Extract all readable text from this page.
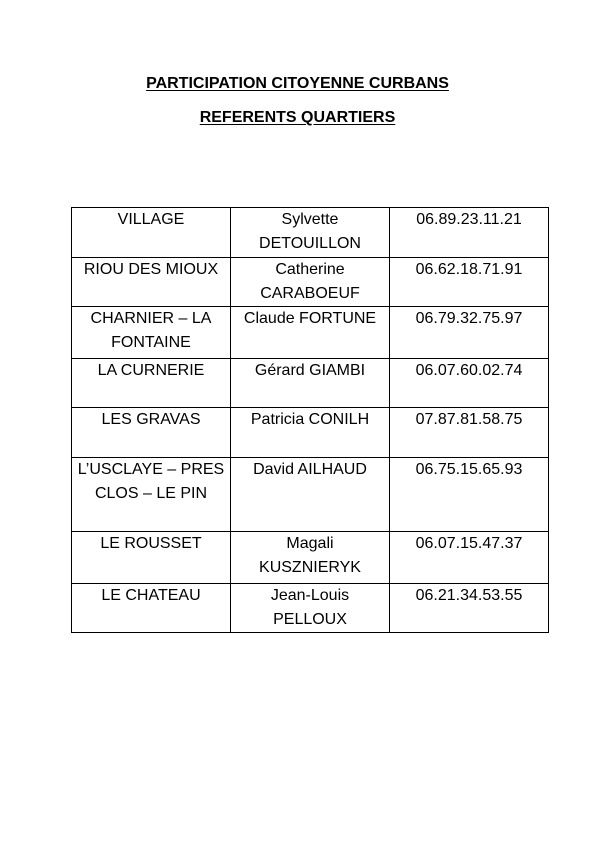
PARTICIPATION CITOYENNE CURBANS
REFERENTS QUARTIERS
VILLAGE	Sylvette DETOUILLON	06.89.23.11.21
RIOU DES MIOUX	Catherine CARABOEUF	06.62.18.71.91
CHARNIER – LA FONTAINE	Claude FORTUNE	06.79.32.75.97
LA CURNERIE	Gérard GIAMBI	06.07.60.02.74
LES GRAVAS	Patricia CONILH	07.87.81.58.75
L’USCLAYE – PRES CLOS – LE PIN	David AILHAUD	06.75.15.65.93
LE ROUSSET	Magali KUSZNIERYK	06.07.15.47.37
LE CHATEAU	Jean-Louis PELLOUX	06.21.34.53.55
